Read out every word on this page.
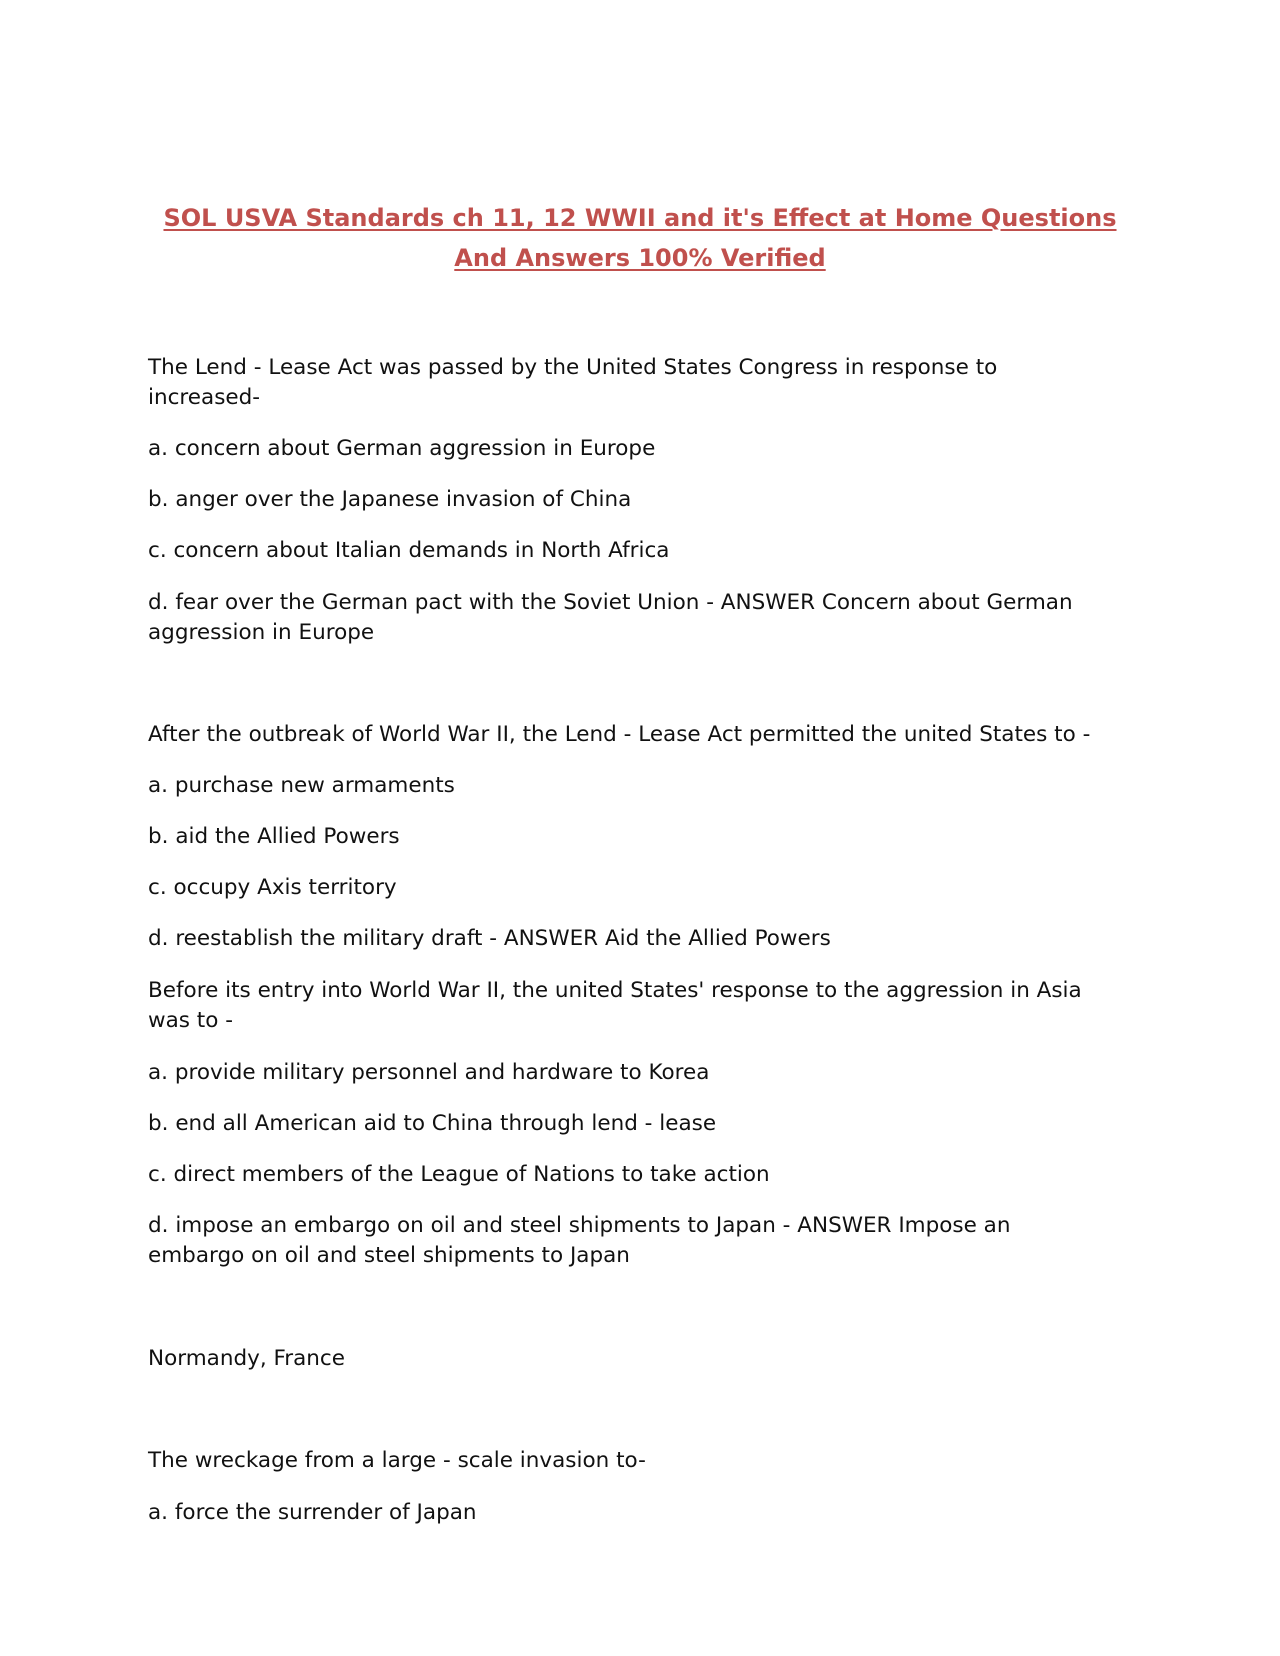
SOL USVA Standards ch 11, 12 WWII and it's Effect at Home Questions
And Answers 100% Verified
The Lend - Lease Act was passed by the United States Congress in response to
increased-
a. concern about German aggression in Europe
b. anger over the Japanese invasion of China
c. concern about Italian demands in North Africa
d. fear over the German pact with the Soviet Union - ANSWER Concern about German
aggression in Europe
After the outbreak of World War II, the Lend - Lease Act permitted the united States to -
a. purchase new armaments
b. aid the Allied Powers
c. occupy Axis territory
d. reestablish the military draft - ANSWER Aid the Allied Powers
Before its entry into World War II, the united States' response to the aggression in Asia
was to -
a. provide military personnel and hardware to Korea
b. end all American aid to China through lend - lease
c. direct members of the League of Nations to take action
d. impose an embargo on oil and steel shipments to Japan - ANSWER Impose an
embargo on oil and steel shipments to Japan
Normandy, France
The wreckage from a large - scale invasion to-
a. force the surrender of Japan
